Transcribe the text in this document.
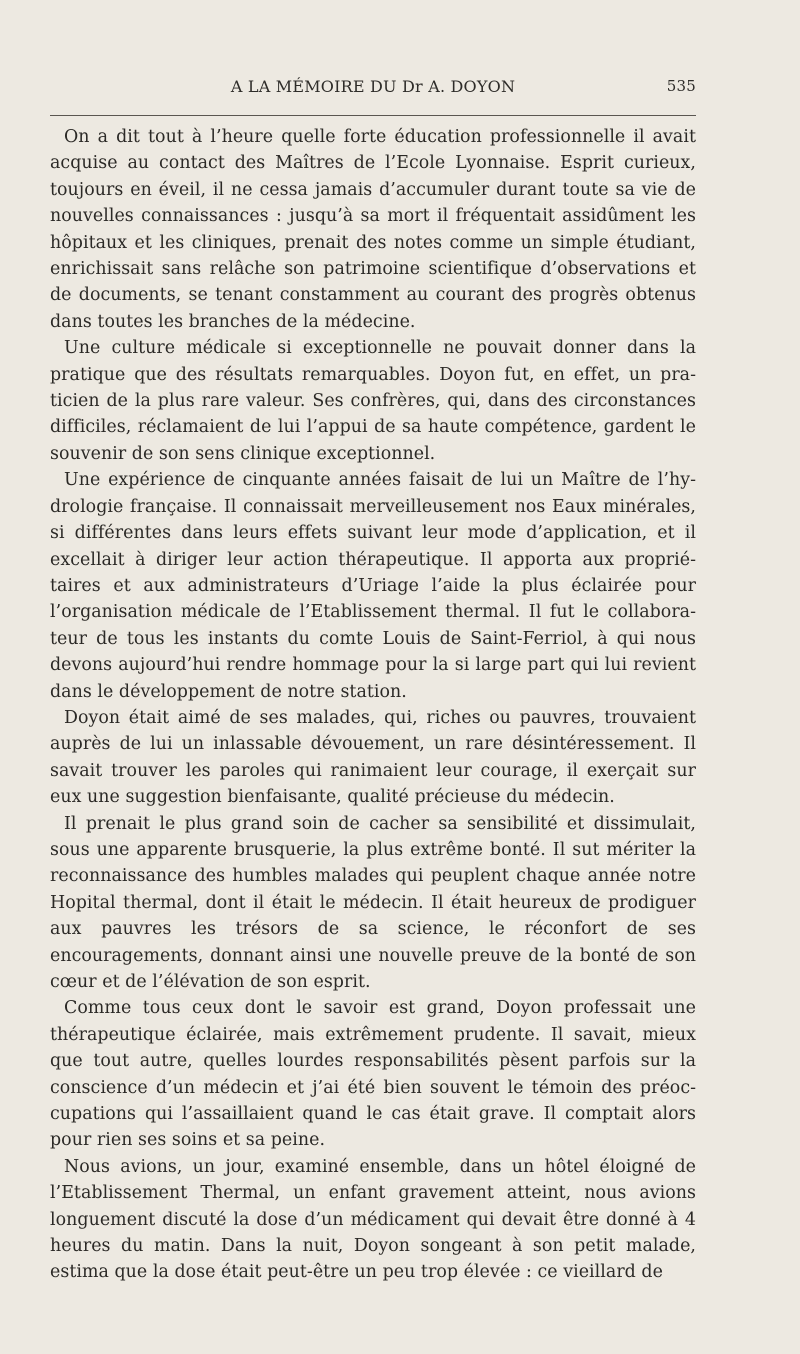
A LA MÉMOIRE DU Dr A. DOYON	535

On a dit tout à l’heure quelle forte éducation professionnelle il avait acquise au contact des Maîtres de l’Ecole Lyonnaise. Esprit curieux, toujours en éveil, il ne cessa jamais d’accumuler durant toute sa vie de nouvelles connaissances : jusqu’à sa mort il fréquentait assidûment les hôpitaux et les cliniques, prenait des notes comme un simple étudiant, enrichissait sans relâche son patrimoine scientifique d’observations et de documents, se tenant constamment au courant des progrès obtenus dans toutes les branches de la médecine.

Une culture médicale si exceptionnelle ne pouvait donner dans la pratique que des résultats remarquables. Doyon fut, en effet, un praticien de la plus rare valeur. Ses confrères, qui, dans des circonstances difficiles, réclamaient de lui l’appui de sa haute compétence, gardent le souvenir de son sens clinique exceptionnel.

Une expérience de cinquante années faisait de lui un Maître de l’hydrologie française. Il connaissait merveilleusement nos Eaux minérales, si différentes dans leurs effets suivant leur mode d’application, et il excellait à diriger leur action thérapeutique. Il apporta aux propriétaires et aux administrateurs d’Uriage l’aide la plus éclairée pour l’organisation médicale de l’Etablissement thermal. Il fut le collaborateur de tous les instants du comte Louis de Saint-Ferriol, à qui nous devons aujourd’hui rendre hommage pour la si large part qui lui revient dans le développement de notre station.

Doyon était aimé de ses malades, qui, riches ou pauvres, trouvaient auprès de lui un inlassable dévouement, un rare désintéressement. Il savait trouver les paroles qui ranimaient leur courage, il exerçait sur eux une suggestion bienfaisante, qualité précieuse du médecin.

Il prenait le plus grand soin de cacher sa sensibilité et dissimulait, sous une apparente brusquerie, la plus extrême bonté. Il sut mériter la reconnaissance des humbles malades qui peuplent chaque année notre Hopital thermal, dont il était le médecin. Il était heureux de prodiguer aux pauvres les trésors de sa science, le réconfort de ses encouragements, donnant ainsi une nouvelle preuve de la bonté de son cœur et de l’élévation de son esprit.

Comme tous ceux dont le savoir est grand, Doyon professait une thérapeutique éclairée, mais extrêmement prudente. Il savait, mieux que tout autre, quelles lourdes responsabilités pèsent parfois sur la conscience d’un médecin et j’ai été bien souvent le témoin des préoccupations qui l’assaillaient quand le cas était grave. Il comptait alors pour rien ses soins et sa peine.

Nous avions, un jour, examiné ensemble, dans un hôtel éloigné de l’Etablissement Thermal, un enfant gravement atteint, nous avions longuement discuté la dose d’un médicament qui devait être donné à 4 heures du matin. Dans la nuit, Doyon songeant à son petit malade, estima que la dose était peut-être un peu trop élevée : ce vieillard de
